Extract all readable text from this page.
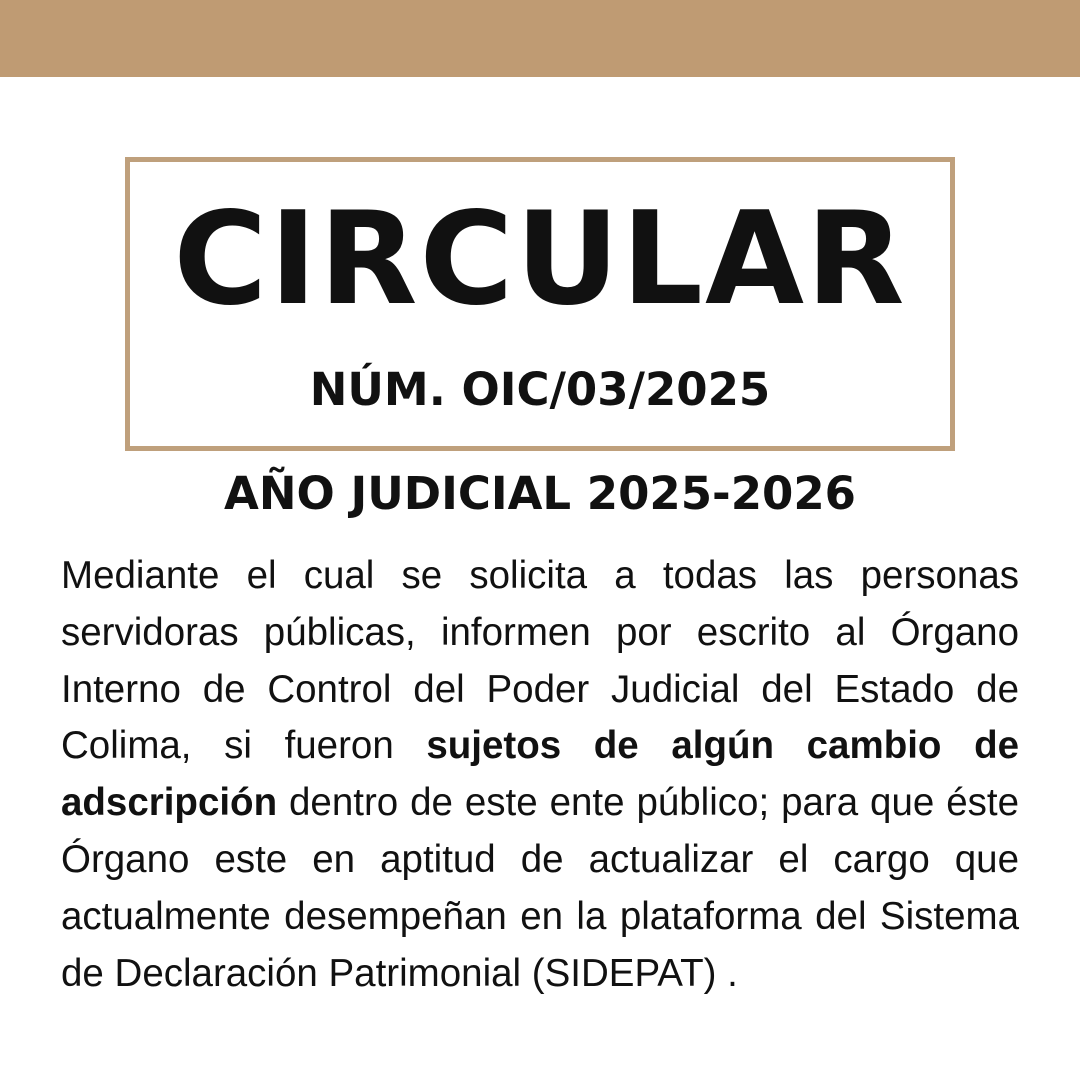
CIRCULAR

NÚM. OIC/03/2025

AÑO JUDICIAL 2025-2026

Mediante el cual se solicita a todas las personas servidoras públicas, informen por escrito al Órgano Interno de Control del Poder Judicial del Estado de Colima, si fueron sujetos de algún cambio de adscripción dentro de este ente público; para que éste Órgano este en aptitud de actualizar el cargo que actualmente desempeñan en la plataforma del Sistema de Declaración Patrimonial (SIDEPAT) .
